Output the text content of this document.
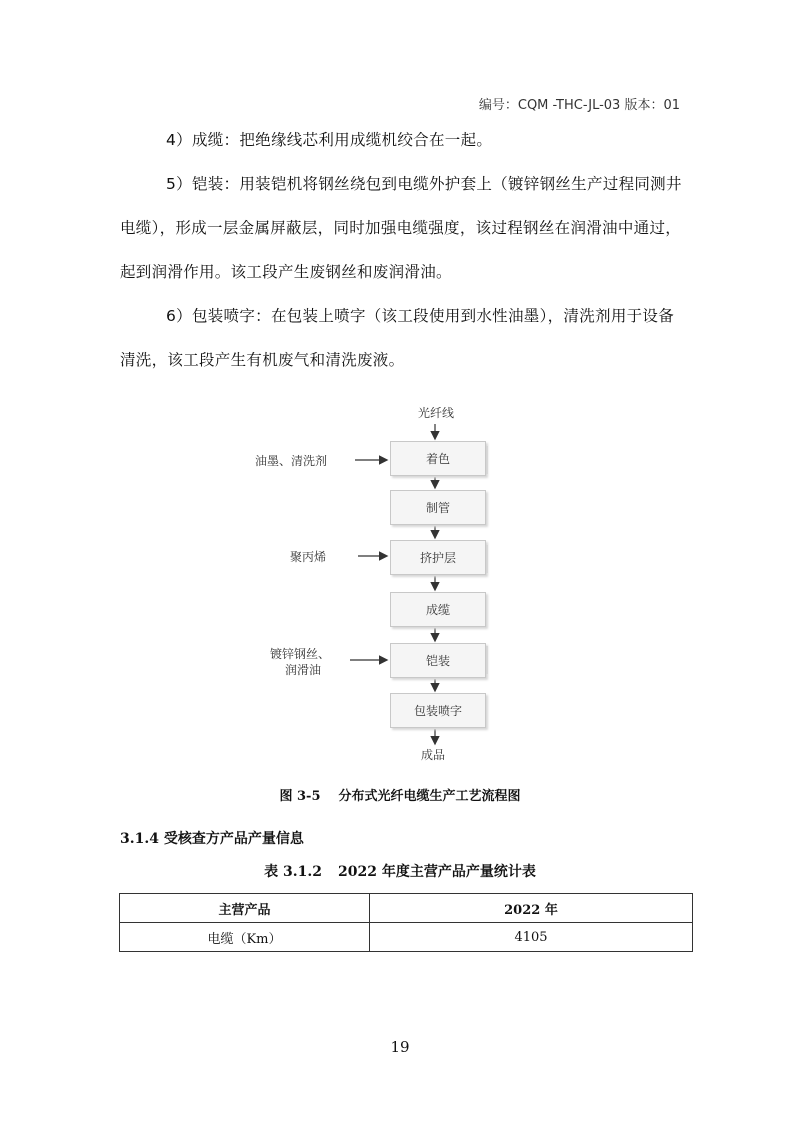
编号：CQM -THC-JL-03 版本：01
4）成缆：把绝缘线芯利用成缆机绞合在一起。
5）铠装：用装铠机将钢丝绕包到电缆外护套上（镀锌钢丝生产过程同测井电缆），形成一层金属屏蔽层，同时加强电缆强度，该过程钢丝在润滑油中通过，起到润滑作用。该工段产生废钢丝和废润滑油。
6）包装喷字：在包装上喷字（该工段使用到水性油墨），清洗剂用于设备清洗，该工段产生有机废气和清洗废液。
光纤线
着色
制管
挤护层
成缆
铠装
包装喷字
成品
油墨、清洗剂
聚丙烯
镀锌钢丝、
润滑油
图 3-5 分布式光纤电缆生产工艺流程图
3.1.4 受核查方产品产量信息
表 3.1.2 2022 年度主营产品产量统计表
主营产品	2022 年
电缆（Km）	4105
19
